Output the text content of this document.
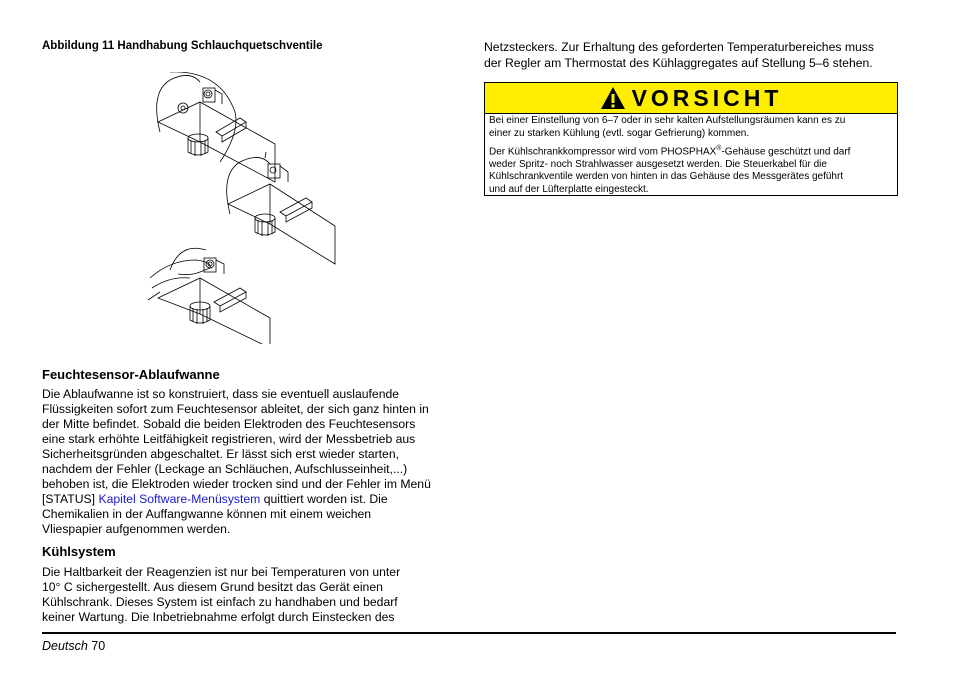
Abbildung 11 Handhabung Schlauchquetschventile
Feuchtesensor-Ablaufwanne
Die Ablaufwanne ist so konstruiert, dass sie eventuell auslaufende
Flüssigkeiten sofort zum Feuchtesensor ableitet, der sich ganz hinten in
der Mitte befindet. Sobald die beiden Elektroden des Feuchtesensors
eine stark erhöhte Leitfähigkeit registrieren, wird der Messbetrieb aus
Sicherheitsgründen abgeschaltet. Er lässt sich erst wieder starten,
nachdem der Fehler (Leckage an Schläuchen, Aufschlusseinheit,...)
behoben ist, die Elektroden wieder trocken sind und der Fehler im Menü
[STATUS] Kapitel Software-Menüsystem quittiert worden ist. Die
Chemikalien in der Auffangwanne können mit einem weichen
Vliespapier aufgenommen werden.
Kühlsystem
Die Haltbarkeit der Reagenzien ist nur bei Temperaturen von unter
10° C sichergestellt. Aus diesem Grund besitzt das Gerät einen
Kühlschrank. Dieses System ist einfach zu handhaben und bedarf
keiner Wartung. Die Inbetriebnahme erfolgt durch Einstecken des
Netzsteckers. Zur Erhaltung des geforderten Temperaturbereiches muss
der Regler am Thermostat des Kühlaggregates auf Stellung 5–6 stehen.
VORSICHT
Bei einer Einstellung von 6–7 oder in sehr kalten Aufstellungsräumen kann es zu
einer zu starken Kühlung (evtl. sogar Gefrierung) kommen.
Der Kühlschrankkompressor wird vom PHOSPHAX®-Gehäuse geschützt und darf
weder Spritz- noch Strahlwasser ausgesetzt werden. Die Steuerkabel für die
Kühlschrankventile werden von hinten in das Gehäuse des Messgerätes geführt
und auf der Lüfterplatte eingesteckt.
Deutsch 70
